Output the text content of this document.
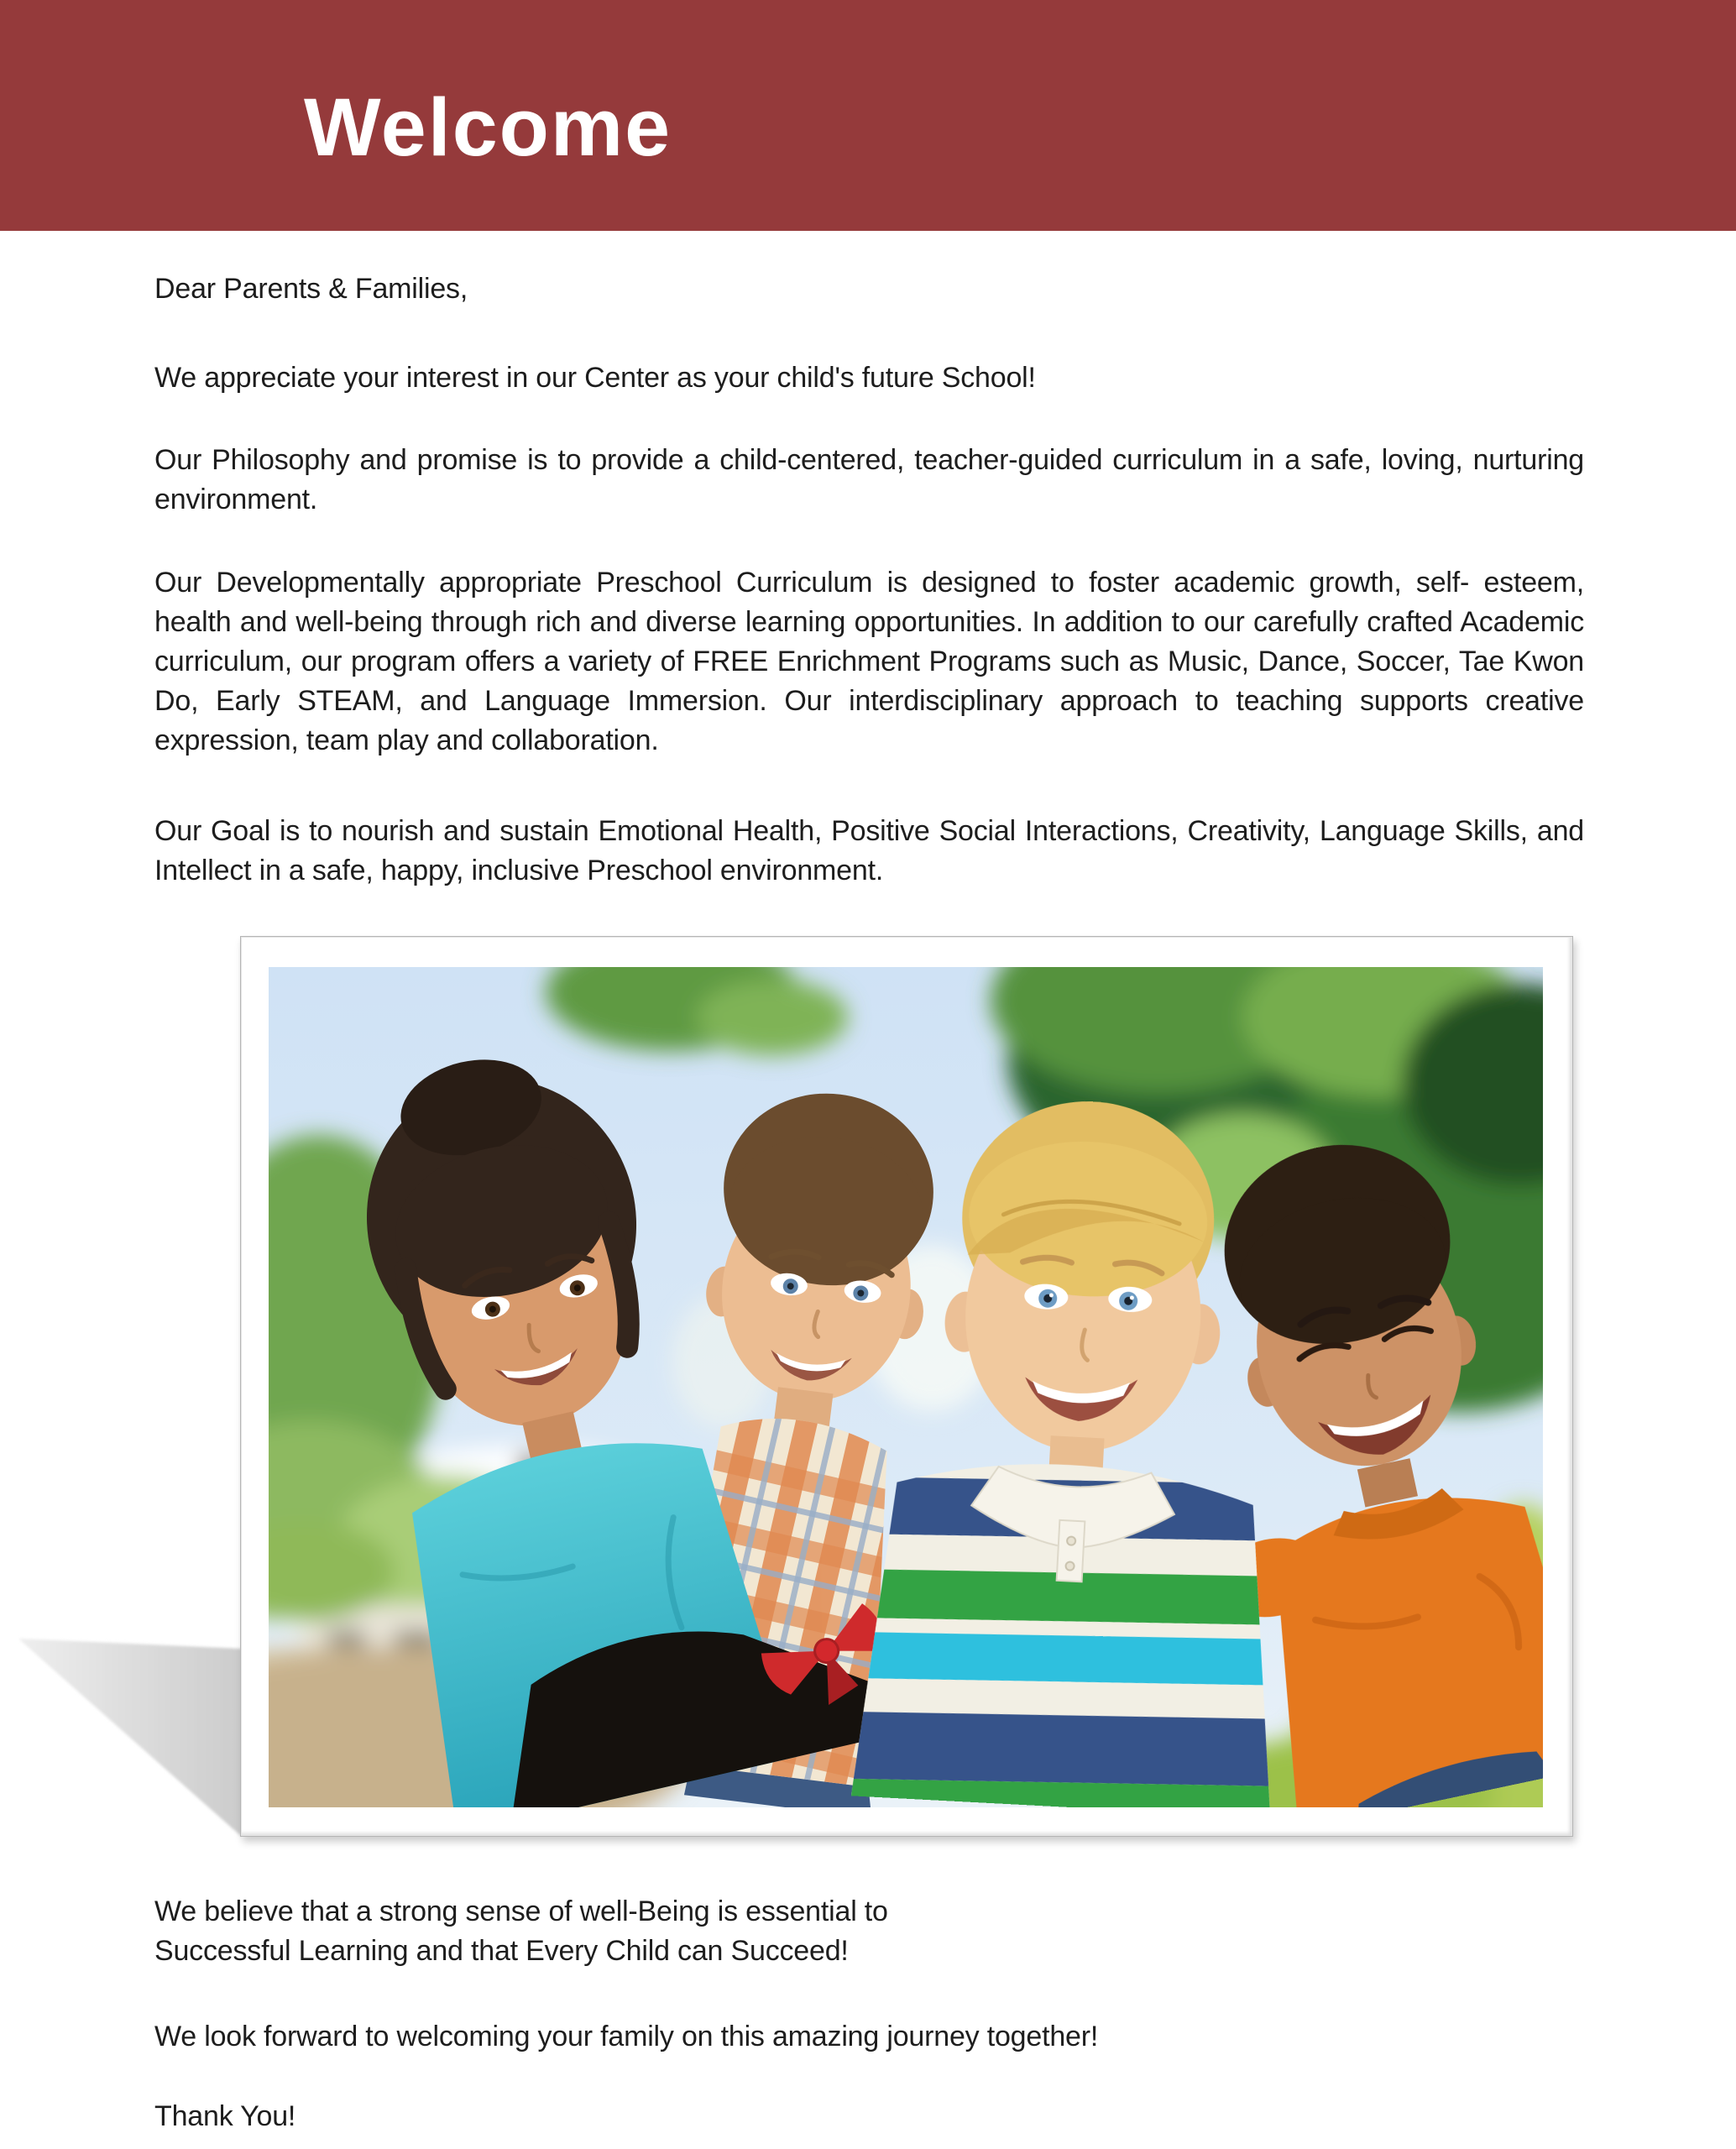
Welcome

Dear Parents & Families,

We appreciate your interest in our Center as your child's future School!

Our Philosophy and promise is to provide a child-centered, teacher-guided curriculum in a safe, loving, nurturing environment.

Our Developmentally appropriate Preschool Curriculum is designed to foster academic growth, self- esteem, health and well-being through rich and diverse learning opportunities. In addition to our carefully crafted Academic curriculum, our program offers a variety of FREE Enrichment Programs such as Music, Dance, Soccer, Tae Kwon Do, Early STEAM, and Language Immersion. Our interdisciplinary approach to teaching supports creative expression, team play and collaboration.

Our Goal is to nourish and sustain Emotional Health, Positive Social Interactions, Creativity, Language Skills, and Intellect in a safe, happy, inclusive Preschool environment.

We believe that a strong sense of well-Being is essential to
Successful Learning and that Every Child can Succeed!

We look forward to welcoming your family on this amazing journey together!

Thank You!
